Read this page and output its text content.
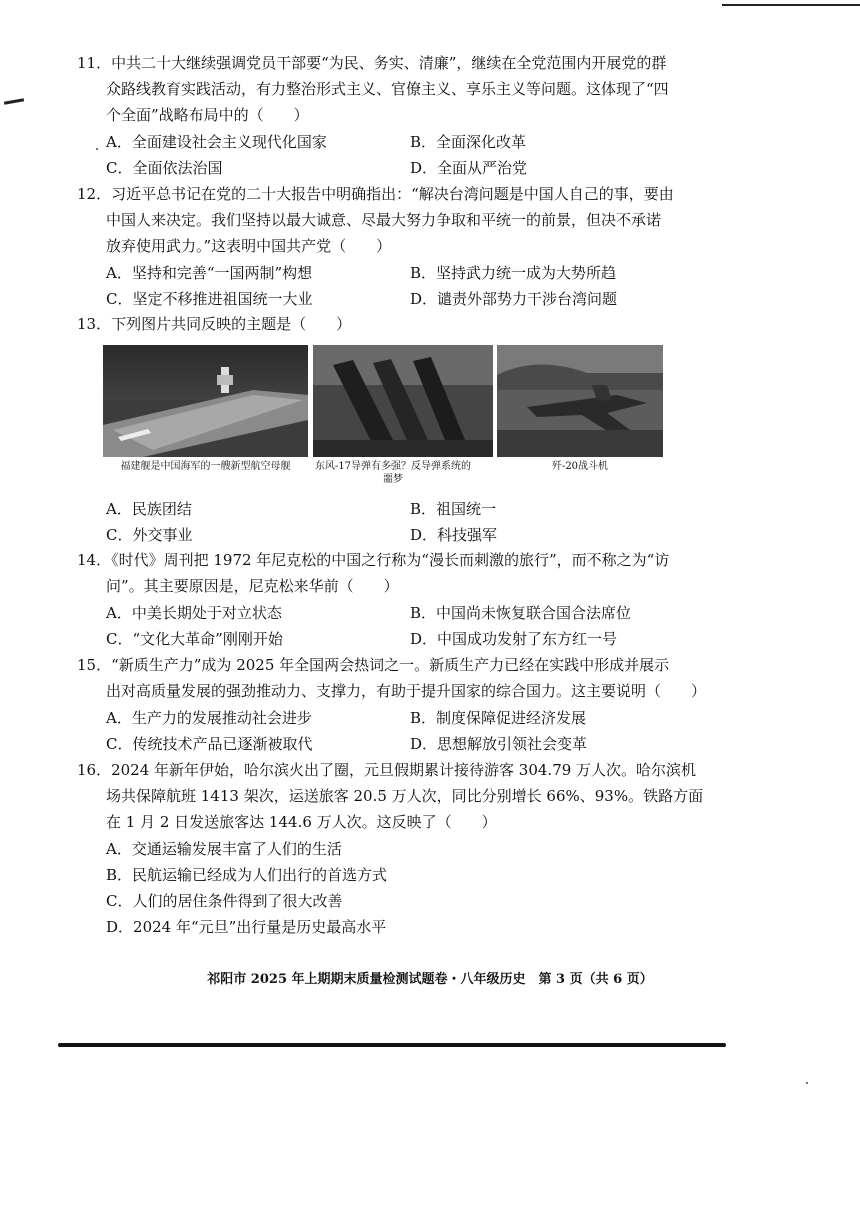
11．中共二十大继续强调党员干部要“为民、务实、清廉”，继续在全党范围内开展党的群
众路线教育实践活动，有力整治形式主义、官僚主义、享乐主义等问题。这体现了“四
个全面”战略布局中的（　　）
A．全面建设社会主义现代化国家	B．全面深化改革
C．全面依法治国	D．全面从严治党
12．习近平总书记在党的二十大报告中明确指出：“解决台湾问题是中国人自己的事，要由
中国人来决定。我们坚持以最大诚意、尽最大努力争取和平统一的前景，但决不承诺
放弃使用武力。”这表明中国共产党（　　）
A．坚持和完善“一国两制”构想	B．坚持武力统一成为大势所趋
C．坚定不移推进祖国统一大业	D．谴责外部势力干涉台湾问题
13．下列图片共同反映的主题是（　　）
福建舰是中国海军的一艘新型航空母舰	东风-17导弹有多强？反导弹系统的噩梦
歼-20战斗机
A．民族团结	B．祖国统一
C．外交事业	D．科技强军
14．《时代》周刊把 1972 年尼克松的中国之行称为“漫长而刺激的旅行”，而不称之为“访
问”。其主要原因是，尼克松来华前（　　）
A．中美长期处于对立状态	B．中国尚未恢复联合国合法席位
C．“文化大革命”刚刚开始	D．中国成功发射了东方红一号
15．“新质生产力”成为 2025 年全国两会热词之一。新质生产力已经在实践中形成并展示
出对高质量发展的强劲推动力、支撑力，有助于提升国家的综合国力。这主要说明（　　）
A．生产力的发展推动社会进步	B．制度保障促进经济发展
C．传统技术产品已逐渐被取代	D．思想解放引领社会变革
16．2024 年新年伊始，哈尔滨火出了圈，元旦假期累计接待游客 304.79 万人次。哈尔滨机
场共保障航班 1413 架次，运送旅客 20.5 万人次，同比分别增长 66%、93%。铁路方面
在 1 月 2 日发送旅客达 144.6 万人次。这反映了（　　）
A．交通运输发展丰富了人们的生活
B．民航运输已经成为人们出行的首选方式
C．人们的居住条件得到了很大改善
D．2024 年“元旦”出行量是历史最高水平
祁阳市 2025 年上期期末质量检测试题卷・八年级历史　第 3 页（共 6 页）
